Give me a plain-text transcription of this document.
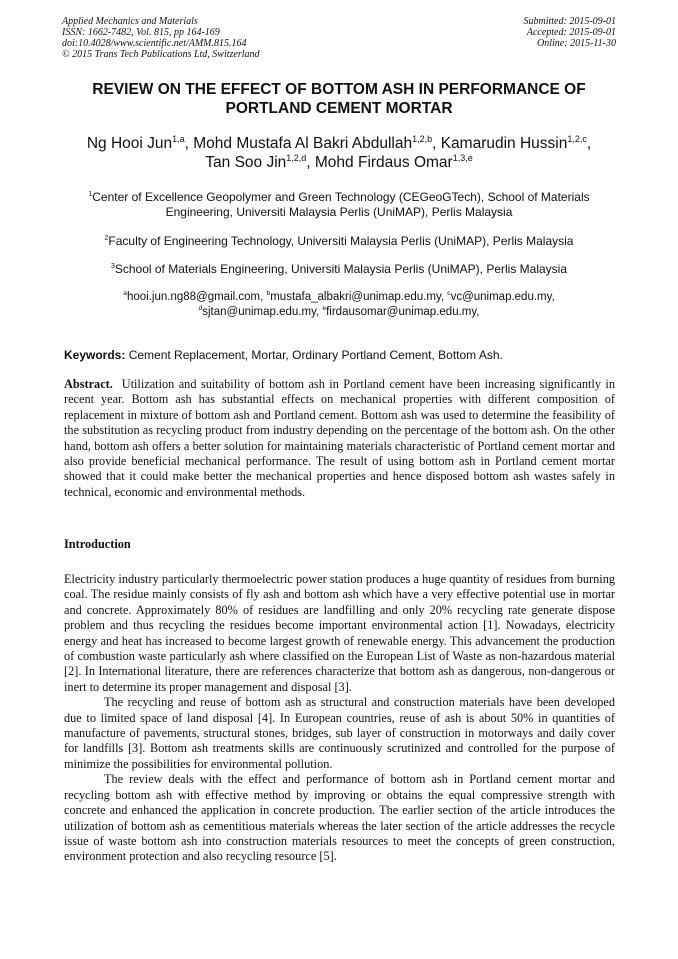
Applied Mechanics and Materials
ISSN: 1662-7482, Vol. 815, pp 164-169
doi:10.4028/www.scientific.net/AMM.815.164
© 2015 Trans Tech Publications Ltd, Switzerland
Submitted: 2015-09-01
Accepted: 2015-09-01
Online: 2015-11-30
REVIEW ON THE EFFECT OF BOTTOM ASH IN PERFORMANCE OF
PORTLAND CEMENT MORTAR
Ng Hooi Jun$^{1,a}$, Mohd Mustafa Al Bakri Abdullah$^{1,2,b}$, Kamarudin Hussin$^{1,2,c}$,
Tan Soo Jin$^{1,2,d}$, Mohd Firdaus Omar$^{1,3,e}$
$^1$Center of Excellence Geopolymer and Green Technology (CEGeoGTech), School of Materials
Engineering, Universiti Malaysia Perlis (UniMAP), Perlis Malaysia
$^2$Faculty of Engineering Technology, Universiti Malaysia Perlis (UniMAP), Perlis Malaysia
$^3$School of Materials Engineering, Universiti Malaysia Perlis (UniMAP), Perlis Malaysia
$^a$hooi.jun.ng88@gmail.com, $^b$mustafa_albakri@unimap.edu.my, $^c$vc@unimap.edu.my,
$^d$sjtan@unimap.edu.my, $^e$firdausomar@unimap.edu.my,
Keywords: Cement Replacement, Mortar, Ordinary Portland Cement, Bottom Ash.

Abstract. Utilization and suitability of bottom ash in Portland cement have been increasing significantly in recent year. Bottom ash has substantial effects on mechanical properties with different composition of replacement in mixture of bottom ash and Portland cement. Bottom ash was used to determine the feasibility of the substitution as recycling product from industry depending on the percentage of the bottom ash. On the other hand, bottom ash offers a better solution for maintaining materials characteristic of Portland cement mortar and also provide beneficial mechanical performance. The result of using bottom ash in Portland cement mortar showed that it could make better the mechanical properties and hence disposed bottom ash wastes safely in technical, economic and environmental methods.

Introduction

Electricity industry particularly thermoelectric power station produces a huge quantity of residues from burning coal. The residue mainly consists of fly ash and bottom ash which have a very effective potential use in mortar and concrete. Approximately 80% of residues are landfilling and only 20% recycling rate generate dispose problem and thus recycling the residues become important environmental action [1]. Nowadays, electricity energy and heat has increased to become largest growth of renewable energy. This advancement the production of combustion waste particularly ash where classified on the European List of Waste as non-hazardous material [2]. In International literature, there are references characterize that bottom ash as dangerous, non-dangerous or inert to determine its proper management and disposal [3].

The recycling and reuse of bottom ash as structural and construction materials have been developed due to limited space of land disposal [4]. In European countries, reuse of ash is about 50% in quantities of manufacture of pavements, structural stones, bridges, sub layer of construction in motorways and daily cover for landfills [3]. Bottom ash treatments skills are continuously scrutinized and controlled for the purpose of minimize the possibilities for environmental pollution.

The review deals with the effect and performance of bottom ash in Portland cement mortar and recycling bottom ash with effective method by improving or obtains the equal compressive strength with concrete and enhanced the application in concrete production. The earlier section of the article introduces the utilization of bottom ash as cementitious materials whereas the later section of the article addresses the recycle issue of waste bottom ash into construction materials resources to meet the concepts of green construction, environment protection and also recycling resource [5].
